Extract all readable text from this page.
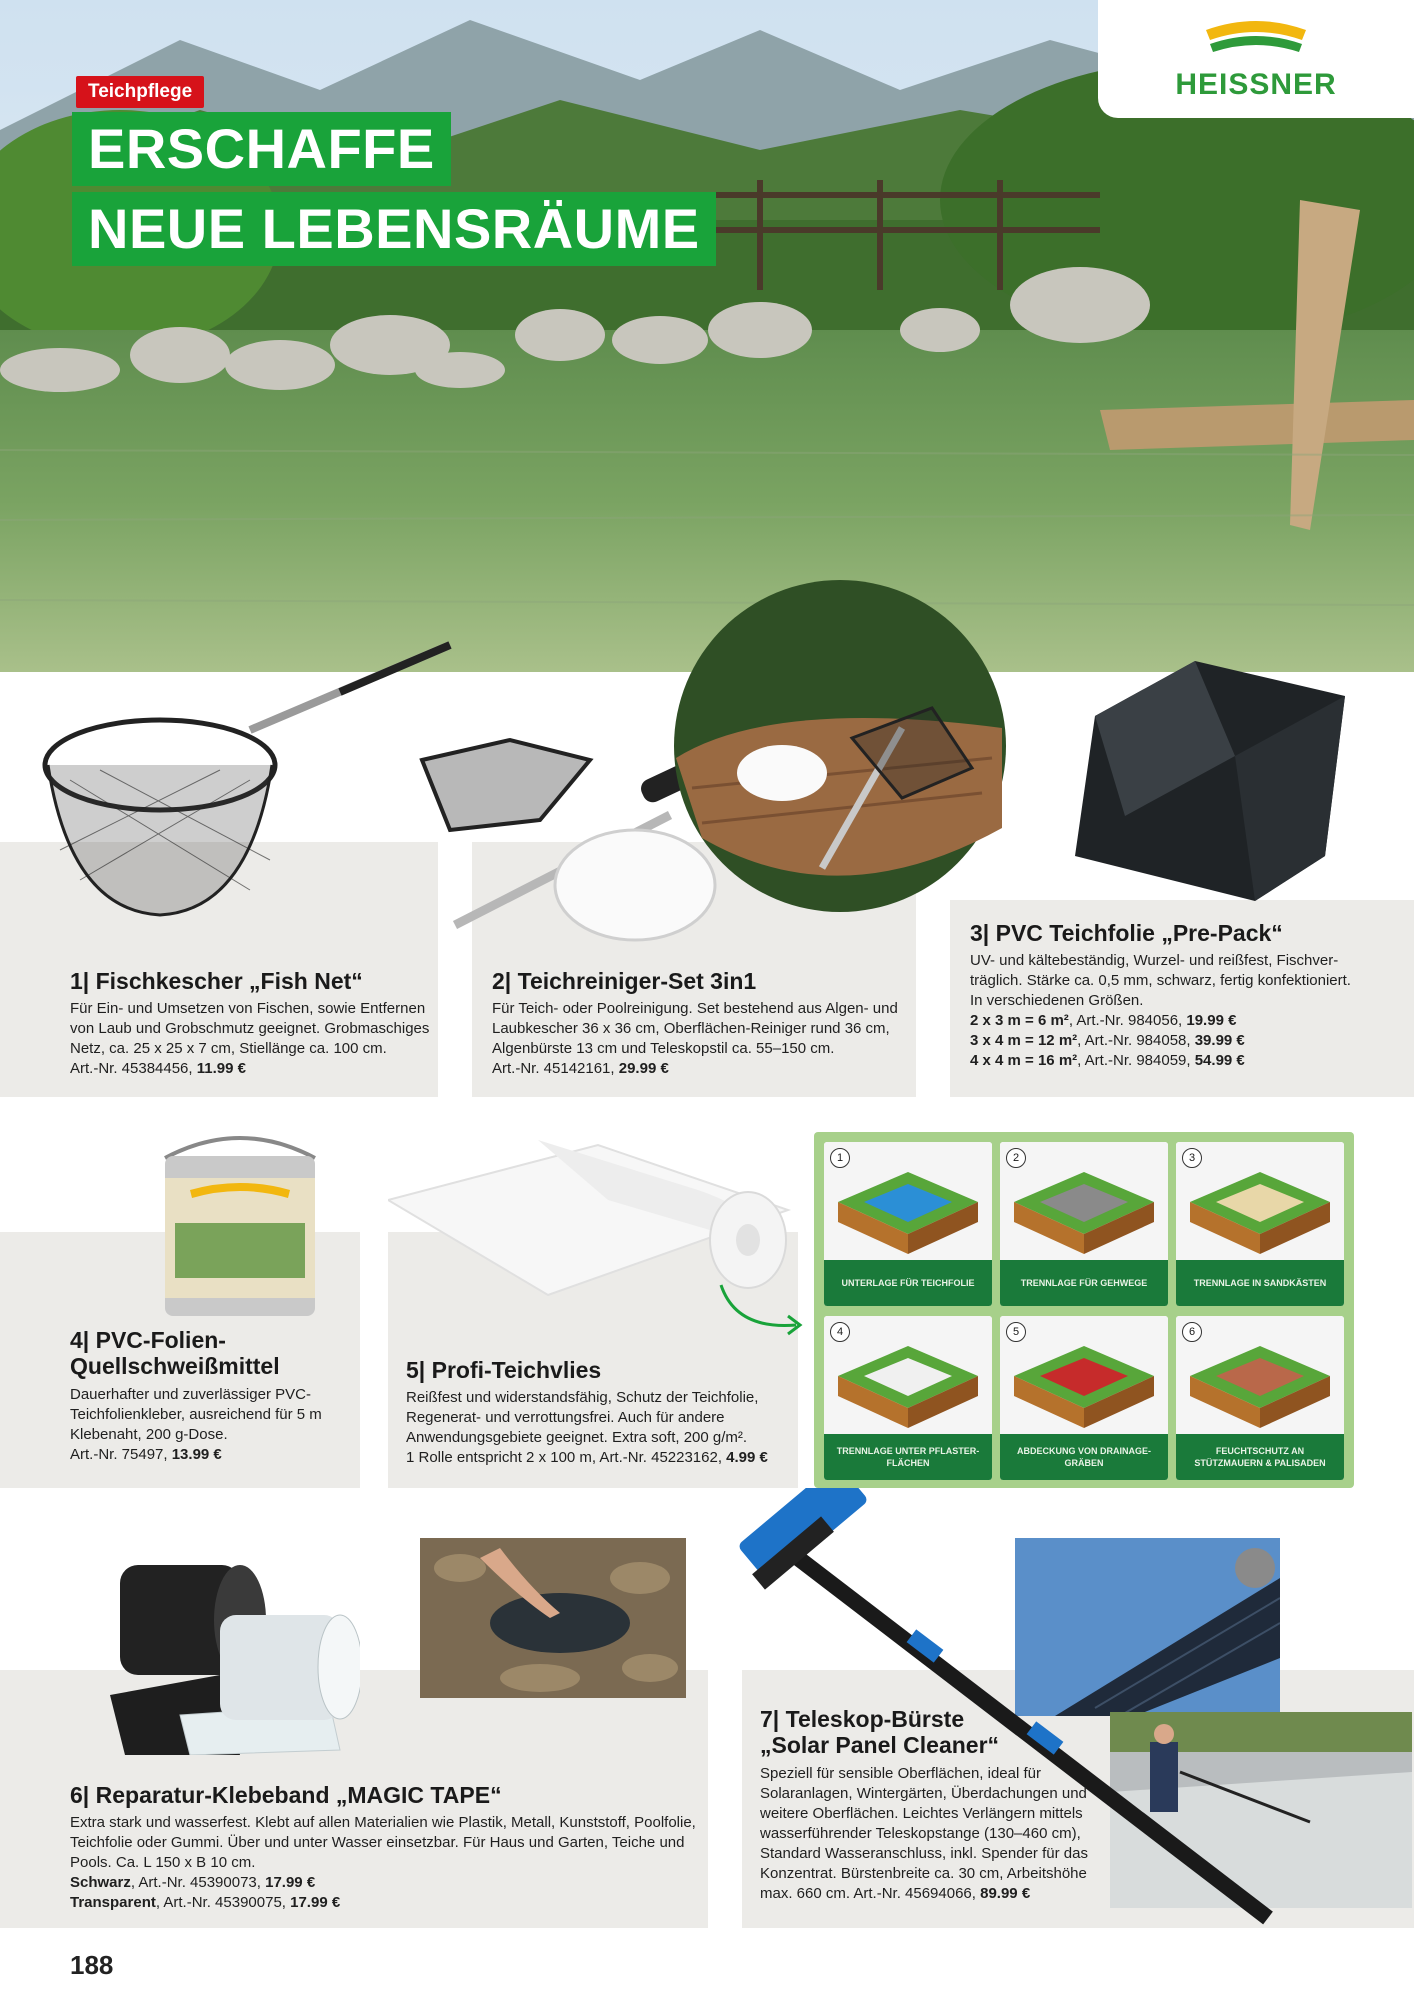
Teichpflege
ERSCHAFFE
NEUE LEBENSRÄUME
HEISSNER
1| Fischkescher „Fish Net“
Für Ein- und Umsetzen von Fischen, sowie Entfernen
von Laub und Grobschmutz geeignet. Grobmaschiges
Netz, ca. 25 x 25 x 7 cm, Stiellänge ca. 100 cm.
Art.-Nr. 45384456, 11.99 €
2| Teichreiniger-Set 3in1
Für Teich- oder Poolreinigung. Set bestehend aus Algen- und
Laubkescher 36 x 36 cm, Oberflächen-Reiniger rund 36 cm,
Algenbürste 13 cm und Teleskopstil ca. 55–150 cm.
Art.-Nr. 45142161, 29.99 €
3| PVC Teichfolie „Pre-Pack“
UV- und kältebeständig, Wurzel- und reißfest, Fischver-
träglich. Stärke ca. 0,5 mm, schwarz, fertig konfektioniert.
In verschiedenen Größen.
2 x 3 m = 6 m², Art.-Nr. 984056, 19.99 €
3 x 4 m = 12 m², Art.-Nr. 984058, 39.99 €
4 x 4 m = 16 m², Art.-Nr. 984059, 54.99 €
4| PVC-Folien-
Quellschweißmittel
Dauerhafter und zuverlässiger PVC-
Teichfolienkleber, ausreichend für 5 m
Klebenaht, 200 g-Dose.
Art.-Nr. 75497, 13.99 €
5| Profi-Teichvlies
Reißfest und widerstandsfähig, Schutz der Teichfolie,
Regenerat- und verrottungsfrei. Auch für andere
Anwendungsgebiete geeignet. Extra soft, 200 g/m².
1 Rolle entspricht 2 x 100 m, Art.-Nr. 45223162, 4.99 €
1
UNTERLAGE FÜR TEICHFOLIE
2
TRENNLAGE FÜR GEHWEGE
3
TRENNLAGE IN SANDKÄSTEN
4
TRENNLAGE UNTER PFLASTER-FLÄCHEN
5
ABDECKUNG VON DRAINAGE-GRÄBEN
6
FEUCHTSCHUTZ AN STÜTZMAUERN & PALISADEN
6| Reparatur-Klebeband „MAGIC TAPE“
Extra stark und wasserfest. Klebt auf allen Materialien wie Plastik, Metall, Kunststoff, Poolfolie,
Teichfolie oder Gummi. Über und unter Wasser einsetzbar. Für Haus und Garten, Teiche und
Pools. Ca. L 150 x B 10 cm.
Schwarz, Art.-Nr. 45390073, 17.99 €
Transparent, Art.-Nr. 45390075, 17.99 €
7| Teleskop-Bürste
„Solar Panel Cleaner“
Speziell für sensible Oberflächen, ideal für
Solaranlagen, Wintergärten, Überdachungen und
weitere Oberflächen. Leichtes Verlängern mittels
wasserführender Teleskopstange (130–460 cm),
Standard Wasseranschluss, inkl. Spender für das
Konzentrat. Bürstenbreite ca. 30 cm, Arbeitshöhe
max. 660 cm. Art.-Nr. 45694066, 89.99 €
188
